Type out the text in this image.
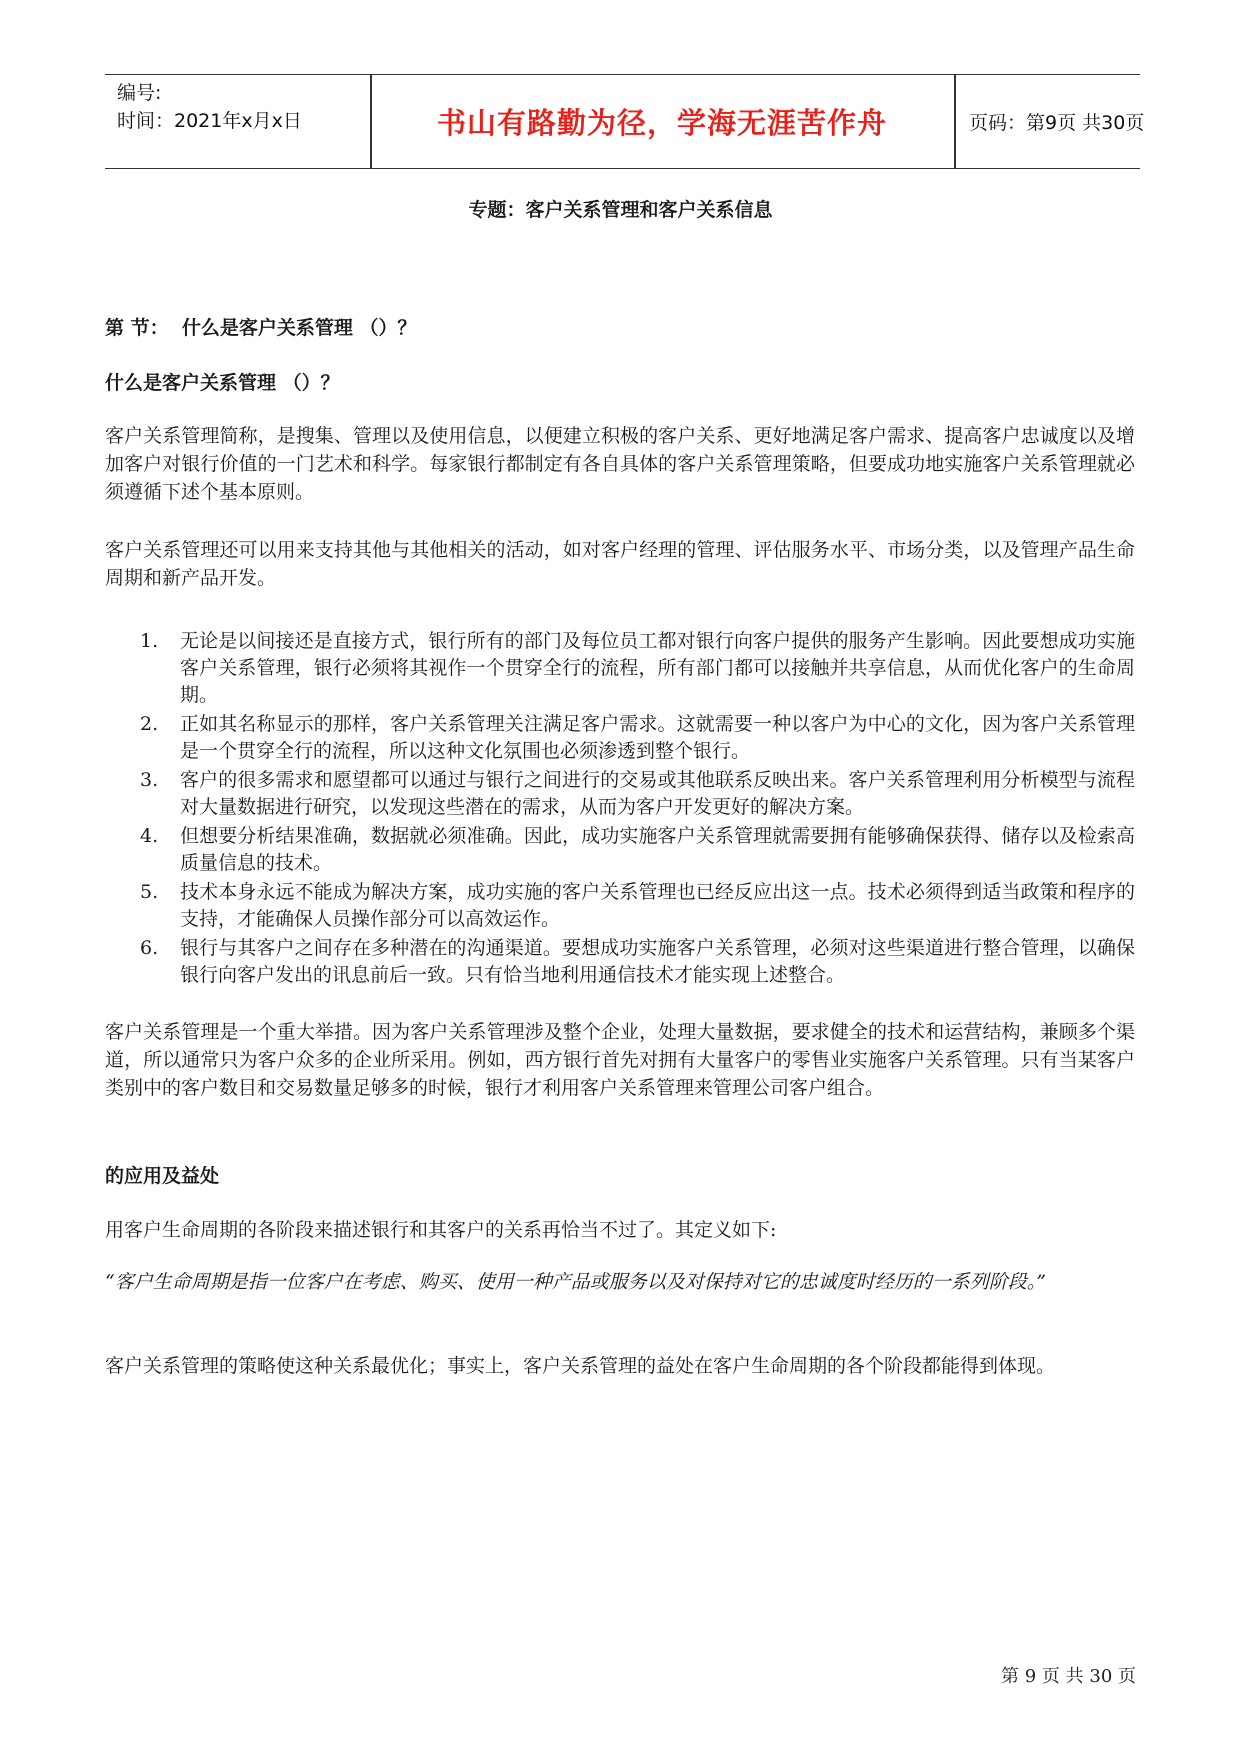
编号:
时间：2021年x月x日	书山有路勤为径，学海无涯苦作舟	页码：第9页 共30页
专题：客户关系管理和客户关系信息
第 节：  什么是客户关系管理 （）？
什么是客户关系管理 （）？
客户关系管理简称，是搜集、管理以及使用信息，以便建立积极的客户关系、更好地满足客户需求、提高客户忠诚度以及增加客户对银行价值的一门艺术和科学。每家银行都制定有各自具体的客户关系管理策略，但要成功地实施客户关系管理就必须遵循下述个基本原则。
客户关系管理还可以用来支持其他与其他相关的活动，如对客户经理的管理、评估服务水平、市场分类，以及管理产品生命周期和新产品开发。
1. 无论是以间接还是直接方式，银行所有的部门及每位员工都对银行向客户提供的服务产生影响。因此要想成功实施客户关系管理，银行必须将其视作一个贯穿全行的流程，所有部门都可以接触并共享信息，从而优化客户的生命周期。
2. 正如其名称显示的那样，客户关系管理关注满足客户需求。这就需要一种以客户为中心的文化，因为客户关系管理是一个贯穿全行的流程，所以这种文化氛围也必须渗透到整个银行。
3. 客户的很多需求和愿望都可以通过与银行之间进行的交易或其他联系反映出来。客户关系管理利用分析模型与流程对大量数据进行研究，以发现这些潜在的需求，从而为客户开发更好的解决方案。
4. 但想要分析结果准确，数据就必须准确。因此，成功实施客户关系管理就需要拥有能够确保获得、储存以及检索高质量信息的技术。
5. 技术本身永远不能成为解决方案，成功实施的客户关系管理也已经反应出这一点。技术必须得到适当政策和程序的支持，才能确保人员操作部分可以高效运作。
6. 银行与其客户之间存在多种潜在的沟通渠道。要想成功实施客户关系管理，必须对这些渠道进行整合管理，以确保银行向客户发出的讯息前后一致。只有恰当地利用通信技术才能实现上述整合。
客户关系管理是一个重大举措。因为客户关系管理涉及整个企业，处理大量数据，要求健全的技术和运营结构，兼顾多个渠道，所以通常只为客户众多的企业所采用。例如，西方银行首先对拥有大量客户的零售业实施客户关系管理。只有当某客户类别中的客户数目和交易数量足够多的时候，银行才利用客户关系管理来管理公司客户组合。
的应用及益处
用客户生命周期的各阶段来描述银行和其客户的关系再恰当不过了。其定义如下:
“客户生命周期是指一位客户在考虑、购买、使用一种产品或服务以及对保持对它的忠诚度时经历的一系列阶段。”
客户关系管理的策略使这种关系最优化；事实上，客户关系管理的益处在客户生命周期的各个阶段都能得到体现。
第 9 页 共 30 页
